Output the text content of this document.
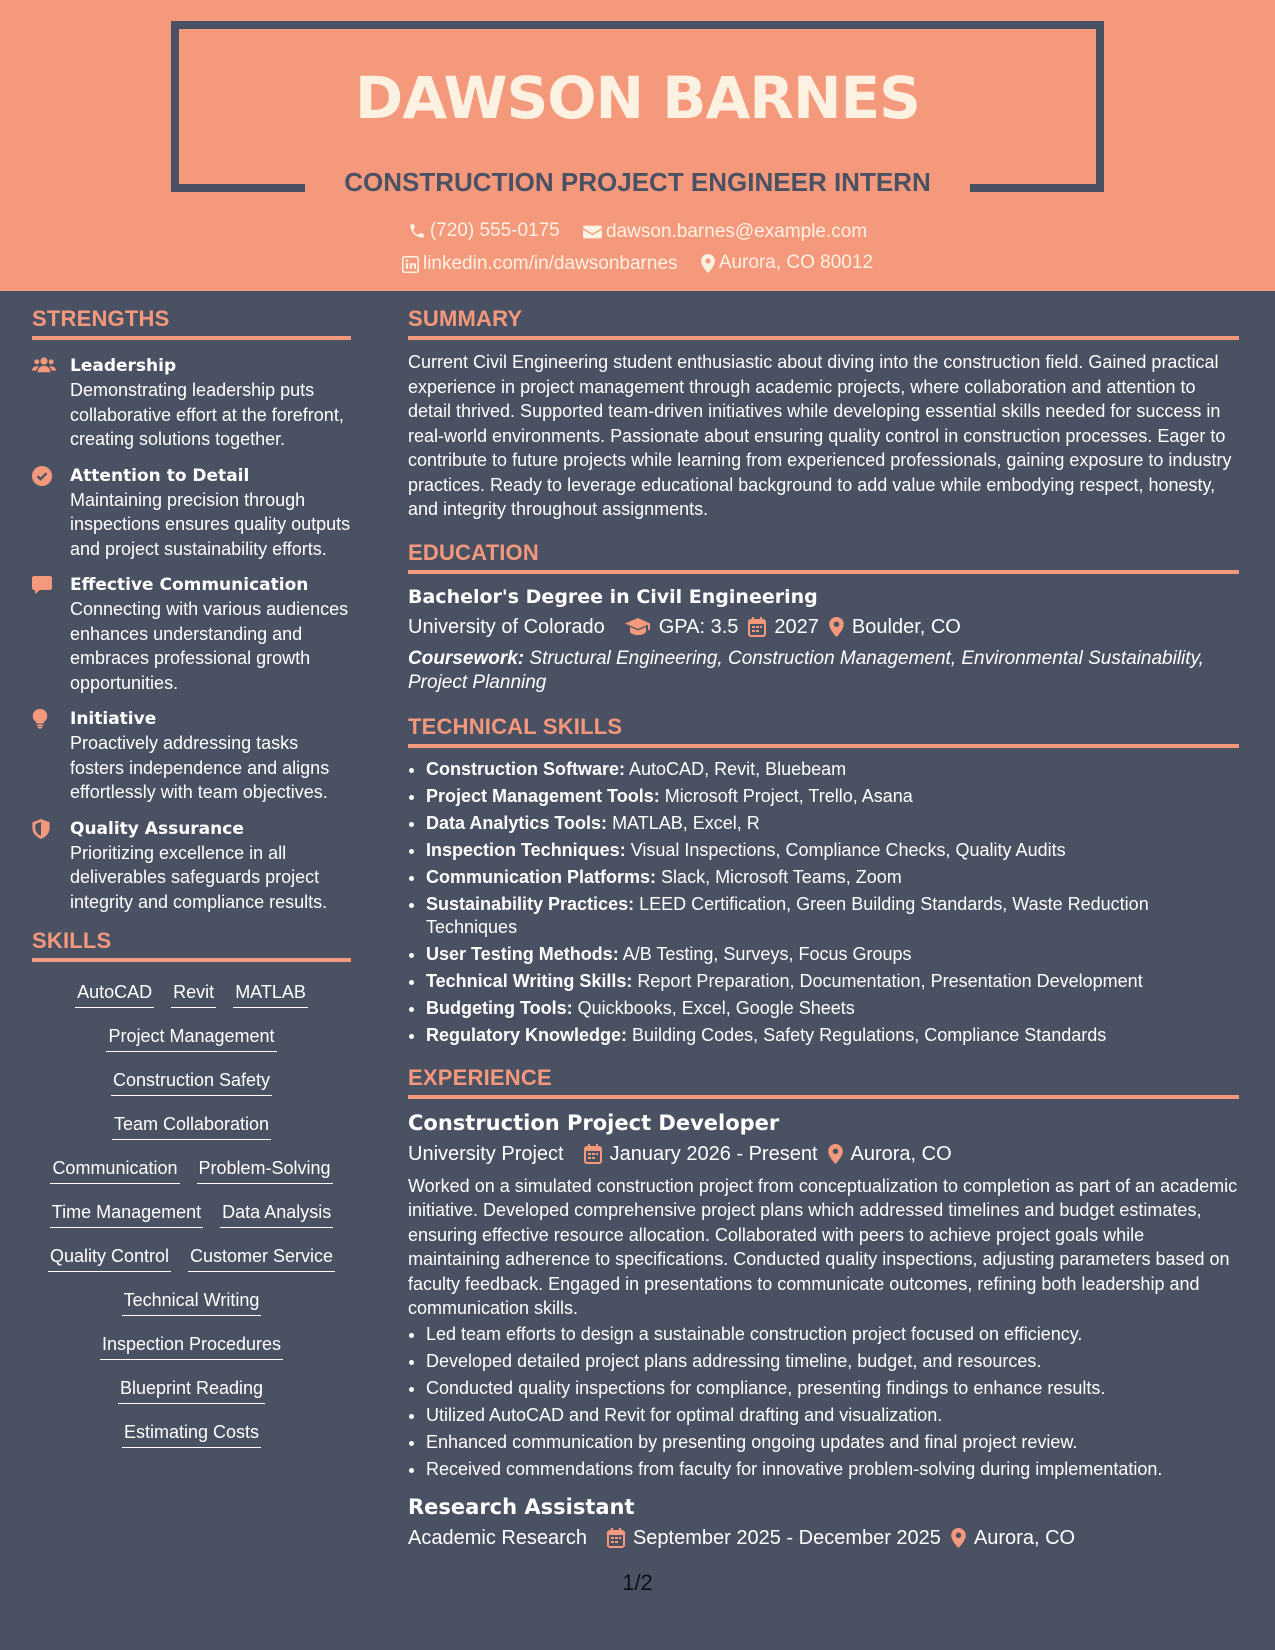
DAWSON BARNES
CONSTRUCTION PROJECT ENGINEER INTERN
(720) 555-0175
dawson.barnes@example.com
linkedin.com/in/dawsonbarnes
Aurora, CO 80012
STRENGTHS
Leadership
Demonstrating leadership puts collaborative effort at the forefront, creating solutions together.
Attention to Detail
Maintaining precision through inspections ensures quality outputs and project sustainability efforts.
Effective Communication
Connecting with various audiences enhances understanding and embraces professional growth opportunities.
Initiative
Proactively addressing tasks fosters independence and aligns effortlessly with team objectives.
Quality Assurance
Prioritizing excellence in all deliverables safeguards project integrity and compliance results.
SKILLS
AutoCAD Revit MATLAB
Project Management
Construction Safety
Team Collaboration
Communication Problem-Solving
Time Management Data Analysis
Quality Control Customer Service
Technical Writing
Inspection Procedures
Blueprint Reading
Estimating Costs
SUMMARY
Current Civil Engineering student enthusiastic about diving into the construction field. Gained practical experience in project management through academic projects, where collaboration and attention to detail thrived. Supported team-driven initiatives while developing essential skills needed for success in real-world environments. Passionate about ensuring quality control in construction processes. Eager to contribute to future projects while learning from experienced professionals, gaining exposure to industry practices. Ready to leverage educational background to add value while embodying respect, honesty, and integrity throughout assignments.
EDUCATION
Bachelor's Degree in Civil Engineering
University of Colorado	GPA: 3.5 2027 Boulder, CO
Coursework: Structural Engineering, Construction Management, Environmental Sustainability, Project Planning
TECHNICAL SKILLS
• Construction Software: AutoCAD, Revit, Bluebeam
• Project Management Tools: Microsoft Project, Trello, Asana
• Data Analytics Tools: MATLAB, Excel, R
• Inspection Techniques: Visual Inspections, Compliance Checks, Quality Audits
• Communication Platforms: Slack, Microsoft Teams, Zoom
• Sustainability Practices: LEED Certification, Green Building Standards, Waste Reduction Techniques
• User Testing Methods: A/B Testing, Surveys, Focus Groups
• Technical Writing Skills: Report Preparation, Documentation, Presentation Development
• Budgeting Tools: Quickbooks, Excel, Google Sheets
• Regulatory Knowledge: Building Codes, Safety Regulations, Compliance Standards
EXPERIENCE
Construction Project Developer
University Project January 2026 - Present Aurora, CO
Worked on a simulated construction project from conceptualization to completion as part of an academic initiative. Developed comprehensive project plans which addressed timelines and budget estimates, ensuring effective resource allocation. Collaborated with peers to achieve project goals while maintaining adherence to specifications. Conducted quality inspections, adjusting parameters based on faculty feedback. Engaged in presentations to communicate outcomes, refining both leadership and communication skills.
• Led team efforts to design a sustainable construction project focused on efficiency.
• Developed detailed project plans addressing timeline, budget, and resources.
• Conducted quality inspections for compliance, presenting findings to enhance results.
• Utilized AutoCAD and Revit for optimal drafting and visualization.
• Enhanced communication by presenting ongoing updates and final project review.
• Received commendations from faculty for innovative problem-solving during implementation.
Research Assistant
Academic Research September 2025 - December 2025 Aurora, CO
1/2
